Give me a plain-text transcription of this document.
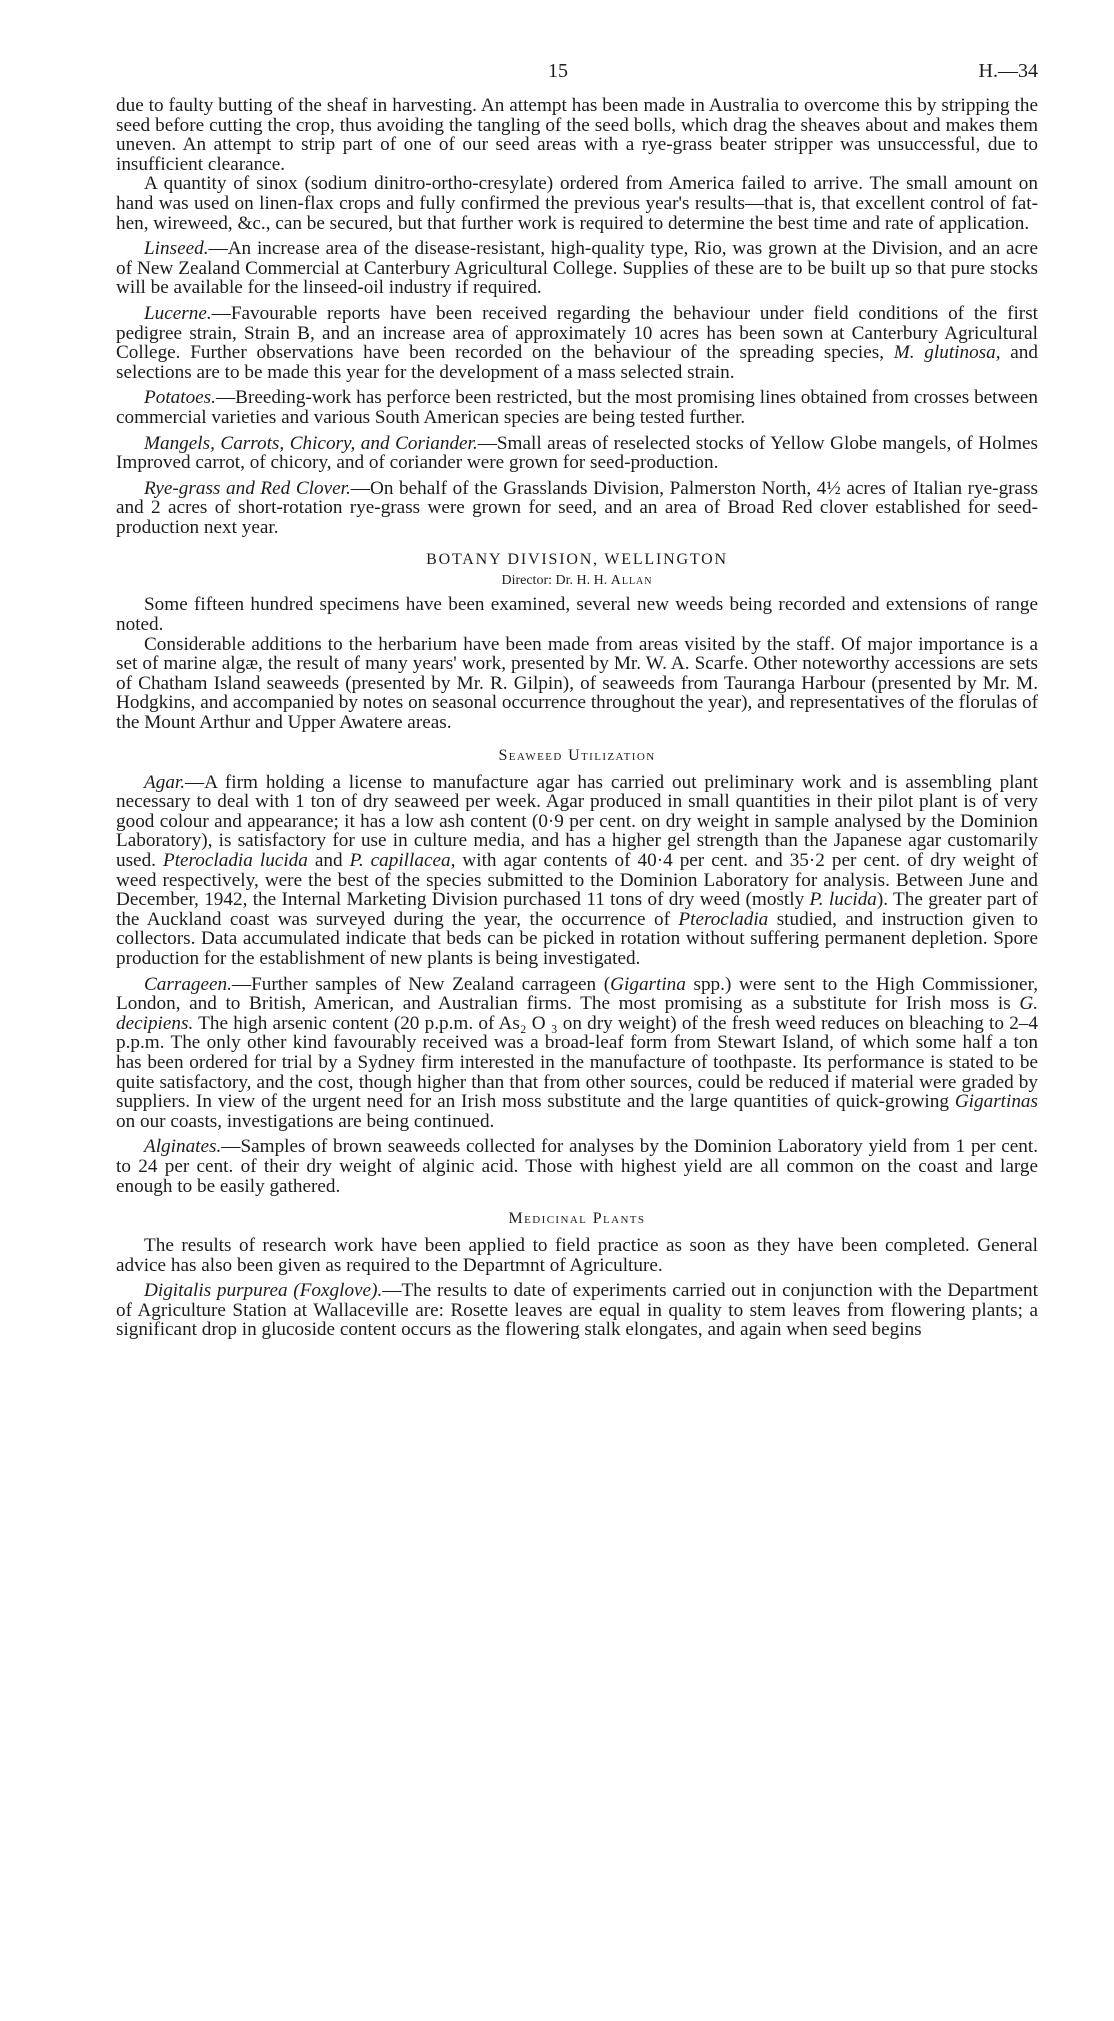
15	H.—34

due to faulty butting of the sheaf in harvesting. An attempt has been made in Australia to overcome this by stripping the seed before cutting the crop, thus avoiding the tangling of the seed bolls, which drag the sheaves about and makes them uneven. An attempt to strip part of one of our seed areas with a rye-grass beater stripper was unsuccessful, due to insufficient clearance.

A quantity of sinox (sodium dinitro-ortho-cresylate) ordered from America failed to arrive. The small amount on hand was used on linen-flax crops and fully confirmed the previous year's results—that is, that excellent control of fat-hen, wireweed, &c., can be secured, but that further work is required to determine the best time and rate of application.

Linseed.—An increase area of the disease-resistant, high-quality type, Rio, was grown at the Division, and an acre of New Zealand Commercial at Canterbury Agricultural College. Supplies of these are to be built up so that pure stocks will be available for the linseed-oil industry if required.

Lucerne.—Favourable reports have been received regarding the behaviour under field conditions of the first pedigree strain, Strain B, and an increase area of approximately 10 acres has been sown at Canterbury Agricultural College. Further observations have been recorded on the behaviour of the spreading species, M. glutinosa, and selections are to be made this year for the development of a mass selected strain.

Potatoes.—Breeding-work has perforce been restricted, but the most promising lines obtained from crosses between commercial varieties and various South American species are being tested further.

Mangels, Carrots, Chicory, and Coriander.—Small areas of reselected stocks of Yellow Globe mangels, of Holmes Improved carrot, of chicory, and of coriander were grown for seed-production.

Rye-grass and Red Clover.—On behalf of the Grasslands Division, Palmerston North, 4½ acres of Italian rye-grass and 2 acres of short-rotation rye-grass were grown for seed, and an area of Broad Red clover established for seed-production next year.

BOTANY DIVISION, WELLINGTON
Director: Dr. H. H. Allan

Some fifteen hundred specimens have been examined, several new weeds being recorded and extensions of range noted.

Considerable additions to the herbarium have been made from areas visited by the staff. Of major importance is a set of marine algæ, the result of many years' work, presented by Mr. W. A. Scarfe. Other noteworthy accessions are sets of Chatham Island seaweeds (presented by Mr. R. Gilpin), of seaweeds from Tauranga Harbour (presented by Mr. M. Hodgkins, and accompanied by notes on seasonal occurrence throughout the year), and representatives of the florulas of the Mount Arthur and Upper Awatere areas.

Seaweed Utilization

Agar.—A firm holding a license to manufacture agar has carried out preliminary work and is assembling plant necessary to deal with 1 ton of dry seaweed per week. Agar produced in small quantities in their pilot plant is of very good colour and appearance; it has a low ash content (0·9 per cent. on dry weight in sample analysed by the Dominion Laboratory), is satisfactory for use in culture media, and has a higher gel strength than the Japanese agar customarily used. Pterocladia lucida and P. capillacea, with agar contents of 40·4 per cent. and 35·2 per cent. of dry weight of weed respectively, were the best of the species submitted to the Dominion Laboratory for analysis. Between June and December, 1942, the Internal Marketing Division purchased 11 tons of dry weed (mostly P. lucida). The greater part of the Auckland coast was surveyed during the year, the occurrence of Pterocladia studied, and instruction given to collectors. Data accumulated indicate that beds can be picked in rotation without suffering permanent depletion. Spore production for the establishment of new plants is being investigated.

Carrageen.—Further samples of New Zealand carrageen (Gigartina spp.) were sent to the High Commissioner, London, and to British, American, and Australian firms. The most promising as a substitute for Irish moss is G. decipiens. The high arsenic content (20 p.p.m. of As₂ O ₃ on dry weight) of the fresh weed reduces on bleaching to 2–4 p.p.m. The only other kind favourably received was a broad-leaf form from Stewart Island, of which some half a ton has been ordered for trial by a Sydney firm interested in the manufacture of toothpaste. Its performance is stated to be quite satisfactory, and the cost, though higher than that from other sources, could be reduced if material were graded by suppliers. In view of the urgent need for an Irish moss substitute and the large quantities of quick-growing Gigartinas on our coasts, investigations are being continued.

Alginates.—Samples of brown seaweeds collected for analyses by the Dominion Laboratory yield from 1 per cent. to 24 per cent. of their dry weight of alginic acid. Those with highest yield are all common on the coast and large enough to be easily gathered.

Medicinal Plants

The results of research work have been applied to field practice as soon as they have been completed. General advice has also been given as required to the Departmnt of Agriculture.

Digitalis purpurea (Foxglove).—The results to date of experiments carried out in conjunction with the Department of Agriculture Station at Wallaceville are: Rosette leaves are equal in quality to stem leaves from flowering plants; a significant drop in glucoside content occurs as the flowering stalk elongates, and again when seed begins
